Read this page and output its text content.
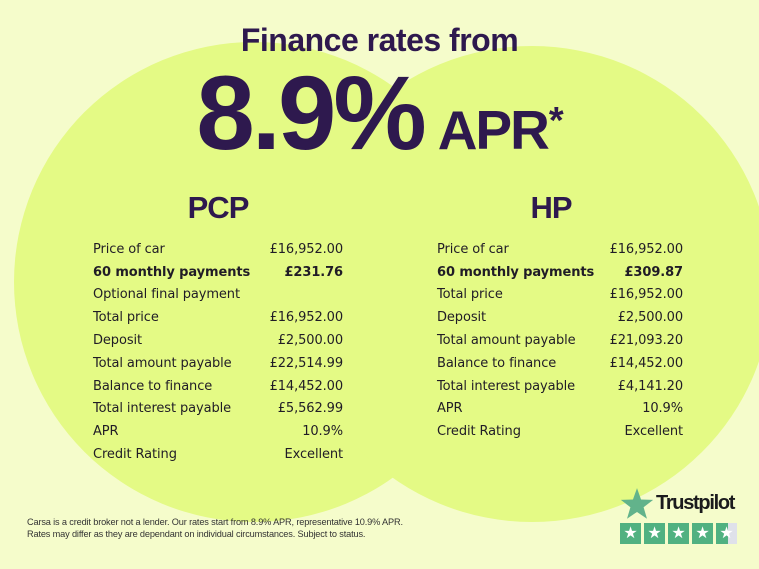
Finance rates from
8.9% APR*
PCP
Price of car	£16,952.00
60 monthly payments	£231.76
Optional final payment
Total price	£16,952.00
Deposit	£2,500.00
Total amount payable	£22,514.99
Balance to finance	£14,452.00
Total interest payable	£5,562.99
APR	10.9%
Credit Rating	Excellent
HP
Price of car	£16,952.00
60 monthly payments £309.87
Total price	£16,952.00
Deposit	£2,500.00
Total amount payable	£21,093.20
Balance to finance	£14,452.00
Total interest payable	£4,141.20
APR	10.9%
Credit Rating	Excellent
Carsa is a credit broker not a lender. Our rates start from 8.9% APR, representative 10.9% APR.
Rates may differ as they are dependant on individual circumstances. Subject to status.
Trustpilot
★ ★ ★ ★ ★
